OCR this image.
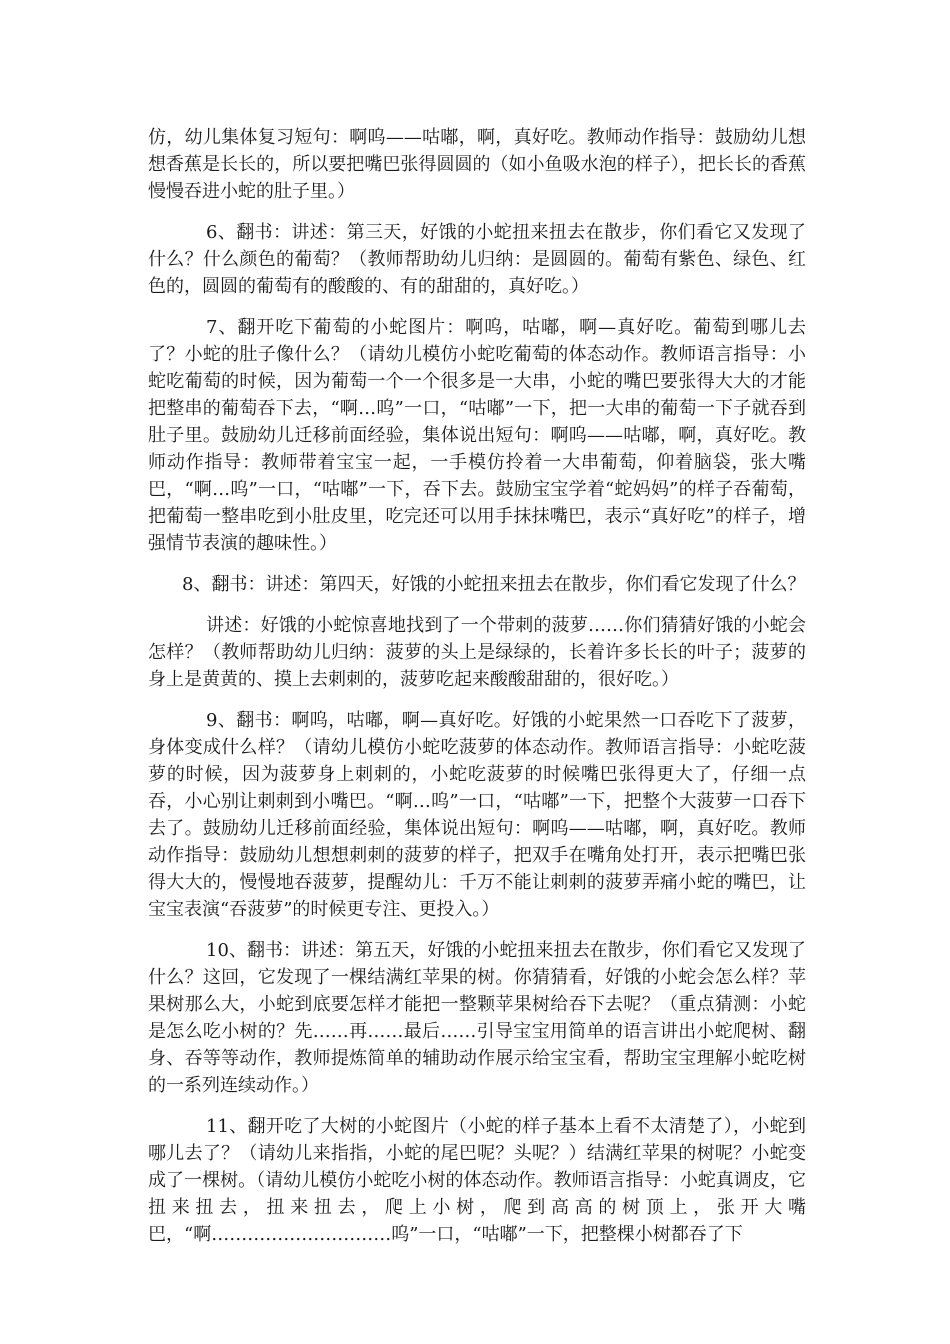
仿，幼儿集体复习短句：啊呜——咕嘟，啊，真好吃。教师动作指导：鼓励幼儿想想香蕉是长长的，所以要把嘴巴张得圆圆的（如小鱼吸水泡的样子），把长长的香蕉慢慢吞进小蛇的肚子里。）

6、翻书：讲述：第三天，好饿的小蛇扭来扭去在散步，你们看它又发现了什么？什么颜色的葡萄？（教师帮助幼儿归纳：是圆圆的。葡萄有紫色、绿色、红色的，圆圆的葡萄有的酸酸的、有的甜甜的，真好吃。）

7、翻开吃下葡萄的小蛇图片：啊呜，咕嘟，啊—真好吃。葡萄到哪儿去了？小蛇的肚子像什么？（请幼儿模仿小蛇吃葡萄的体态动作。教师语言指导：小蛇吃葡萄的时候，因为葡萄一个一个很多是一大串，小蛇的嘴巴要张得大大的才能把整串的葡萄吞下去，“啊…呜”一口，“咕嘟”一下，把一大串的葡萄一下子就吞到肚子里。鼓励幼儿迁移前面经验，集体说出短句：啊呜——咕嘟，啊，真好吃。教师动作指导：教师带着宝宝一起，一手模仿拎着一大串葡萄，仰着脑袋，张大嘴巴，“啊…呜”一口，“咕嘟”一下，吞下去。鼓励宝宝学着“蛇妈妈”的样子吞葡萄，把葡萄一整串吃到小肚皮里，吃完还可以用手抹抹嘴巴，表示“真好吃”的样子，增强情节表演的趣味性。）

8、翻书：讲述：第四天，好饿的小蛇扭来扭去在散步，你们看它发现了什么？

讲述：好饿的小蛇惊喜地找到了一个带刺的菠萝……你们猜猜好饿的小蛇会怎样？（教师帮助幼儿归纳：菠萝的头上是绿绿的，长着许多长长的叶子；菠萝的身上是黄黄的、摸上去刺刺的，菠萝吃起来酸酸甜甜的，很好吃。）

9、翻书：啊呜，咕嘟，啊—真好吃。好饿的小蛇果然一口吞吃下了菠萝，身体变成什么样？（请幼儿模仿小蛇吃菠萝的体态动作。教师语言指导：小蛇吃菠萝的时候，因为菠萝身上刺刺的，小蛇吃菠萝的时候嘴巴张得更大了，仔细一点吞，小心别让刺刺到小嘴巴。“啊…呜”一口，“咕嘟”一下，把整个大菠萝一口吞下去了。鼓励幼儿迁移前面经验，集体说出短句：啊呜——咕嘟，啊，真好吃。教师动作指导：鼓励幼儿想想刺刺的菠萝的样子，把双手在嘴角处打开，表示把嘴巴张得大大的，慢慢地吞菠萝，提醒幼儿：千万不能让刺刺的菠萝弄痛小蛇的嘴巴，让宝宝表演“吞菠萝”的时候更专注、更投入。）

10、翻书：讲述：第五天，好饿的小蛇扭来扭去在散步，你们看它又发现了什么？这回，它发现了一棵结满红苹果的树。你猜猜看，好饿的小蛇会怎么样？苹果树那么大，小蛇到底要怎样才能把一整颗苹果树给吞下去呢？（重点猜测：小蛇是怎么吃小树的？先……再……最后……引导宝宝用简单的语言讲出小蛇爬树、翻身、吞等等动作，教师提炼简单的辅助动作展示给宝宝看，帮助宝宝理解小蛇吃树的一系列连续动作。）

11、翻开吃了大树的小蛇图片（小蛇的样子基本上看不太清楚了），小蛇到哪儿去了？（请幼儿来指指，小蛇的尾巴呢？头呢？）结满红苹果的树呢？小蛇变成了一棵树。（请幼儿模仿小蛇吃小树的体态动作。教师语言指导：小蛇真调皮，它扭来扭去，扭来扭去，爬上小树，爬到高高的树顶上，张开大嘴巴，“啊…………………………呜”一口，“咕嘟”一下，把整棵小树都吞了下
